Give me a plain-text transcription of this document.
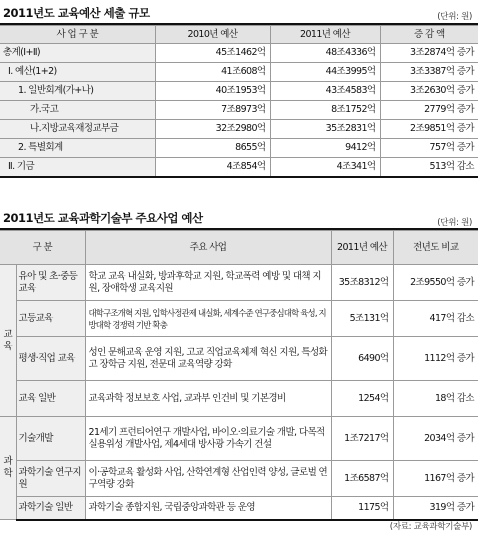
2011년도 교육예산 세출 규모	(단위: 원)
사 업 구 분	2010년 예산	2011년 예산	증 감 액
총계(Ⅰ+Ⅱ)	45조1462억	48조4336억	3조2874억 증가
Ⅰ. 예산(1+2)	41조608억	44조3995억	3조3387억 증가
1. 일반회계(가+나)	40조1953억	43조4583억	3조2630억 증가
가.국고	7조8973억	8조1752억	2779억 증가
나.지방교육재정교부금	32조2980억	35조2831억	2조9851억 증가
2. 특별회계	8655억	9412억	757억 증가
Ⅱ. 기금	4조854억	4조341억	513억 감소
2011년도 교육과학기술부 주요사업 예산	(단위: 원)
구 분		주요 사업	2011년 예산	전년도 비교
교육	유아 및 초·중등교육	학교 교육 내실화, 방과후학교 지원, 학교폭력 예방 및 대책 지원, 장애학생 교육지원	35조8312억	2조9550억 증가
	고등교육	대학구조개혁 지원, 입학사정관제 내실화, 세계수준 연구중심대학 육성, 지방대학 경쟁력 기반 확충	5조131억	417억 감소
	평생·직업 교육	성인 문해교육 운영 지원, 고교 직업교육체제 혁신 지원, 특성화고 장학금 지원, 전문대 교육역량 강화	6490억	1112억 증가
	교육 일반	교육과학 정보보호 사업, 교과부 인건비 및 기본경비	1254억	18억 감소
과학	기술개발	21세기 프런티어연구 개발사업, 바이오·의료기술 개발, 다목적 실용위성 개발사업, 제4세대 방사광 가속기 건설	1조7217억	2034억 증가
	과학기술 연구지원	이·공학교육 활성화 사업, 산학연계형 산업인력 양성, 글로벌 연구역량 강화	1조6587억	1167억 증가
	과학기술 일반	과학기술 종합지원, 국립중앙과학관 등 운영	1175억	319억 증가
(자료: 교육과학기술부)
